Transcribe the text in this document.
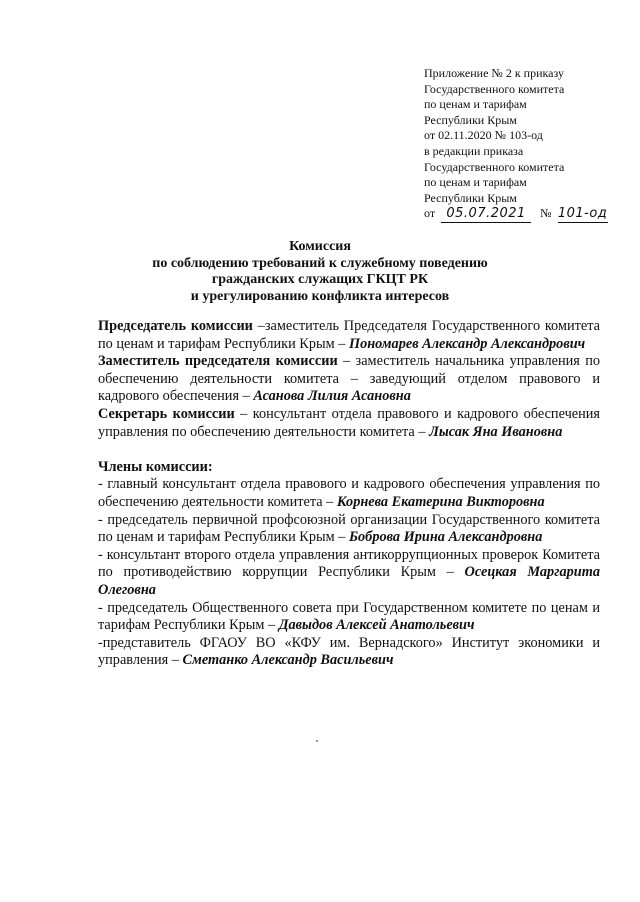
Приложение № 2 к приказу
Государственного комитета
по ценам и тарифам
Республики Крым
от 02.11.2020 № 103-од
в редакции приказа
Государственного комитета
по ценам и тарифам
Республики Крым
от 05.07.2021 № 101-од
Комиссия
по соблюдению требований к служебному поведению
гражданских служащих ГКЦТ РК
и урегулированию конфликта интересов

Председатель комиссии –заместитель Председателя Государственного комитета по ценам и тарифам Республики Крым – Пономарев Александр Александрович

Заместитель председателя комиссии – заместитель начальника управления по обеспечению деятельности комитета – заведующий отделом правового и кадрового обеспечения – Асанова Лилия Асановна

Секретарь комиссии – консультант отдела правового и кадрового обеспечения управления по обеспечению деятельности комитета – Лысак Яна Ивановна

Члены комиссии:

- главный консультант отдела правового и кадрового обеспечения управления по обеспечению деятельности комитета – Корнева Екатерина Викторовна

- председатель первичной профсоюзной организации Государственного комитета по ценам и тарифам Республики Крым – Боброва Ирина Александровна

- консультант второго отдела управления антикоррупционных проверок Комитета по противодействию коррупции Республики Крым – Осецкая Маргарита Олеговна

- председатель Общественного совета при Государственном комитете по ценам и тарифам Республики Крым – Давыдов Алексей Анатольевич

-представитель ФГАОУ ВО «КФУ им. Вернадского» Институт экономики и управления – Сметанко Александр Васильевич
